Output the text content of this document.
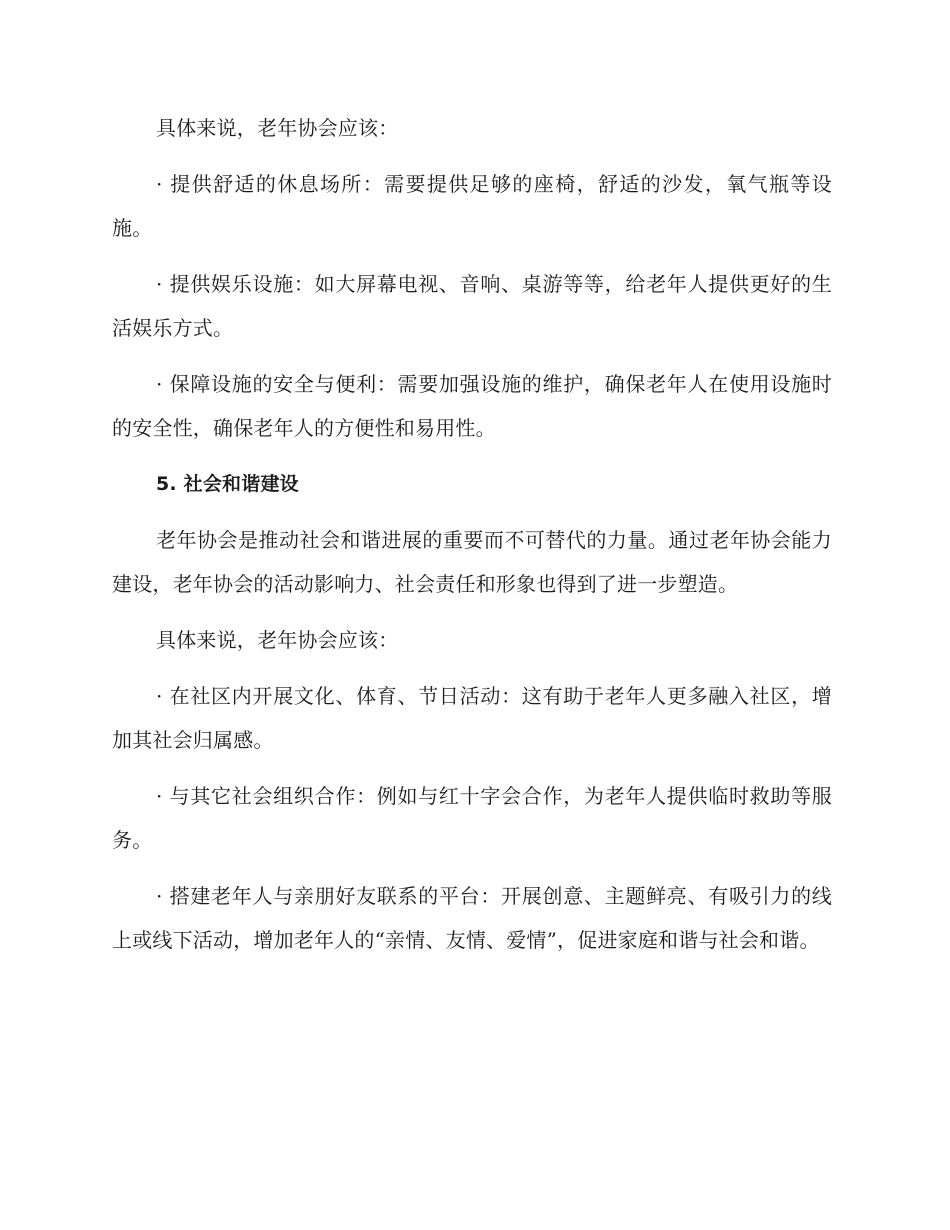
具体来说，老年协会应该：

· 提供舒适的休息场所：需要提供足够的座椅，舒适的沙发，氧气瓶等设施。

· 提供娱乐设施：如大屏幕电视、音响、桌游等等，给老年人提供更好的生活娱乐方式。

· 保障设施的安全与便利：需要加强设施的维护，确保老年人在使用设施时的安全性，确保老年人的方便性和易用性。

5. 社会和谐建设

老年协会是推动社会和谐进展的重要而不可替代的力量。通过老年协会能力建设，老年协会的活动影响力、社会责任和形象也得到了进一步塑造。

具体来说，老年协会应该：

· 在社区内开展文化、体育、节日活动：这有助于老年人更多融入社区，增加其社会归属感。

· 与其它社会组织合作：例如与红十字会合作，为老年人提供临时救助等服务。

· 搭建老年人与亲朋好友联系的平台：开展创意、主题鲜亮、有吸引力的线上或线下活动，增加老年人的“亲情、友情、爱情”，促进家庭和谐与社会和谐。
